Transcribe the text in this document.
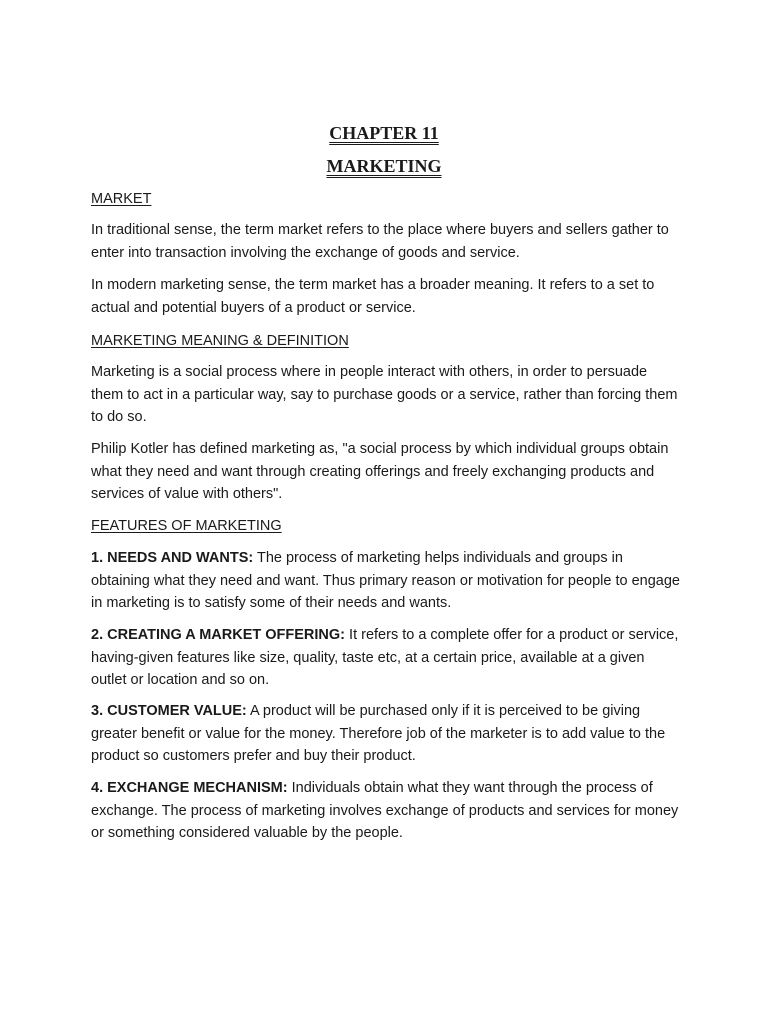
CHAPTER 11
MARKETING
MARKET

In traditional sense, the term market refers to the place where buyers and sellers gather to enter into transaction involving the exchange of goods and service.

In modern marketing sense, the term market has a broader meaning. It refers to a set to actual and potential buyers of a product or service.

MARKETING MEANING & DEFINITION

Marketing is a social process where in people interact with others, in order to persuade them to act in a particular way, say to purchase goods or a service, rather than forcing them to do so.

Philip Kotler has defined marketing as, "a social process by which individual groups obtain what they need and want through creating offerings and freely exchanging products and services of value with others".

FEATURES OF MARKETING

1. NEEDS AND WANTS: The process of marketing helps individuals and groups in obtaining what they need and want. Thus primary reason or motivation for people to engage in marketing is to satisfy some of their needs and wants.

2. CREATING A MARKET OFFERING: It refers to a complete offer for a product or service, having-given features like size, quality, taste etc, at a certain price, available at a given outlet or location and so on.

3. CUSTOMER VALUE: A product will be purchased only if it is perceived to be giving greater benefit or value for the money. Therefore job of the marketer is to add value to the product so customers prefer and buy their product.

4. EXCHANGE MECHANISM: Individuals obtain what they want through the process of exchange. The process of marketing involves exchange of products and services for money or something considered valuable by the people.
